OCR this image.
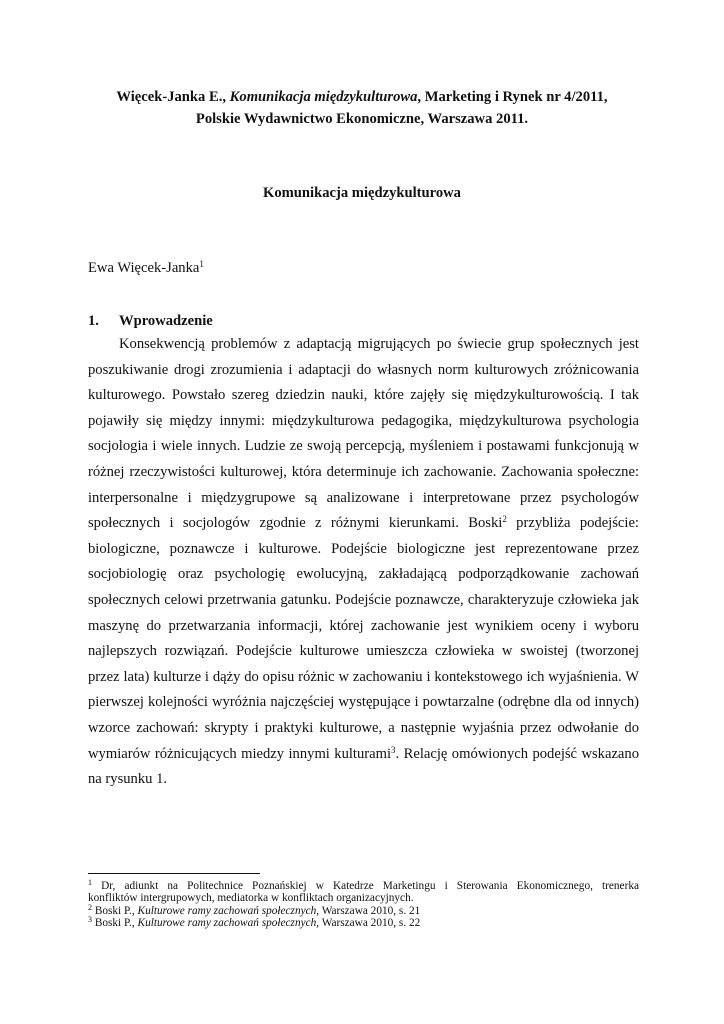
Więcek-Janka E., Komunikacja międzykulturowa, Marketing i Rynek nr 4/2011,
Polskie Wydawnictwo Ekonomiczne, Warszawa 2011.
Komunikacja międzykulturowa
Ewa Więcek-Janka$^1$
1. Wprowadzenie
Konsekwencją problemów z adaptacją migrujących po świecie grup społecznych jest
poszukiwanie drogi zrozumienia i adaptacji do własnych norm kulturowych zróżnicowania
kulturowego. Powstało szereg dziedzin nauki, które zajęły się międzykulturowością. I tak
pojawiły się między innymi: międzykulturowa pedagogika, międzykulturowa psychologia
socjologia i wiele innych. Ludzie ze swoją percepcją, myśleniem i postawami funkcjonują w
różnej rzeczywistości kulturowej, która determinuje ich zachowanie. Zachowania społeczne:
interpersonalne i międzygrupowe są analizowane i interpretowane przez psychologów
społecznych i socjologów zgodnie z różnymi kierunkami. Boski$^2$ przybliża podejście:
biologiczne, poznawcze i kulturowe. Podejście biologiczne jest reprezentowane przez
socjobiologię oraz psychologię ewolucyjną, zakładającą podporządkowanie zachowań
społecznych celowi przetrwania gatunku. Podejście poznawcze, charakteryzuje człowieka jak
maszynę do przetwarzania informacji, której zachowanie jest wynikiem oceny i wyboru
najlepszych rozwiązań. Podejście kulturowe umieszcza człowieka w swoistej (tworzonej
przez lata) kulturze i dąży do opisu różnic w zachowaniu i kontekstowego ich wyjaśnienia. W
pierwszej kolejności wyróżnia najczęściej występujące i powtarzalne (odrębne dla od innych)
wzorce zachowań: skrypty i praktyki kulturowe, a następnie wyjaśnia przez odwołanie do
wymiarów różnicujących miedzy innymi kulturami$^3$. Relację omówionych podejść wskazano
na rysunku 1.
$^1$ Dr, adiunkt na Politechnice Poznańskiej w Katedrze Marketingu i Sterowania Ekonomicznego, trenerka
konfliktów intergrupowych, mediatorka w konfliktach organizacyjnych.
$^2$ Boski P., Kulturowe ramy zachowań społecznych, Warszawa 2010, s. 21
$^3$ Boski P., Kulturowe ramy zachowań społecznych, Warszawa 2010, s. 22
